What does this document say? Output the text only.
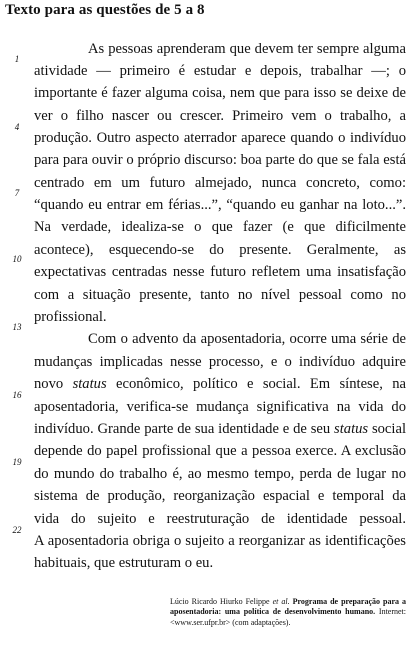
Texto para as questões de 5 a 8
1
4
7
10
13
16
19
22
As pessoas aprenderam que devem ter sempre alguma
atividade — primeiro é estudar e depois, trabalhar —; o
importante é fazer alguma coisa, nem que para isso se deixe de
ver o filho nascer ou crescer. Primeiro vem o trabalho, a
produção. Outro aspecto aterrador aparece quando o indivíduo
para para ouvir o próprio discurso: boa parte do que se fala está
centrado em um futuro almejado, nunca concreto, como:
“quando eu entrar em férias...”, “quando eu ganhar na loto...”.
Na verdade, idealiza-se o que fazer (e que dificilmente
acontece), esquecendo-se do presente. Geralmente, as
expectativas centradas nesse futuro refletem uma insatisfação
com a situação presente, tanto no nível pessoal como no
profissional.
Com o advento da aposentadoria, ocorre uma série de
mudanças implicadas nesse processo, e o indivíduo adquire
novo status econômico, político e social. Em síntese, na
aposentadoria, verifica-se mudança significativa na vida do
indivíduo. Grande parte de sua identidade e de seu status social
depende do papel profissional que a pessoa exerce. A exclusão
do mundo do trabalho é, ao mesmo tempo, perda de lugar no
sistema de produção, reorganização espacial e temporal da
vida do sujeito e reestruturação de identidade pessoal.
A aposentadoria obriga o sujeito a reorganizar as identificações
habituais, que estruturam o eu.
Lúcio Ricardo Hiurko Felippe et al. Programa de preparação para a aposentadoria: uma política de desenvolvimento humano. Internet: <www.ser.ufpr.br> (com adaptações).
